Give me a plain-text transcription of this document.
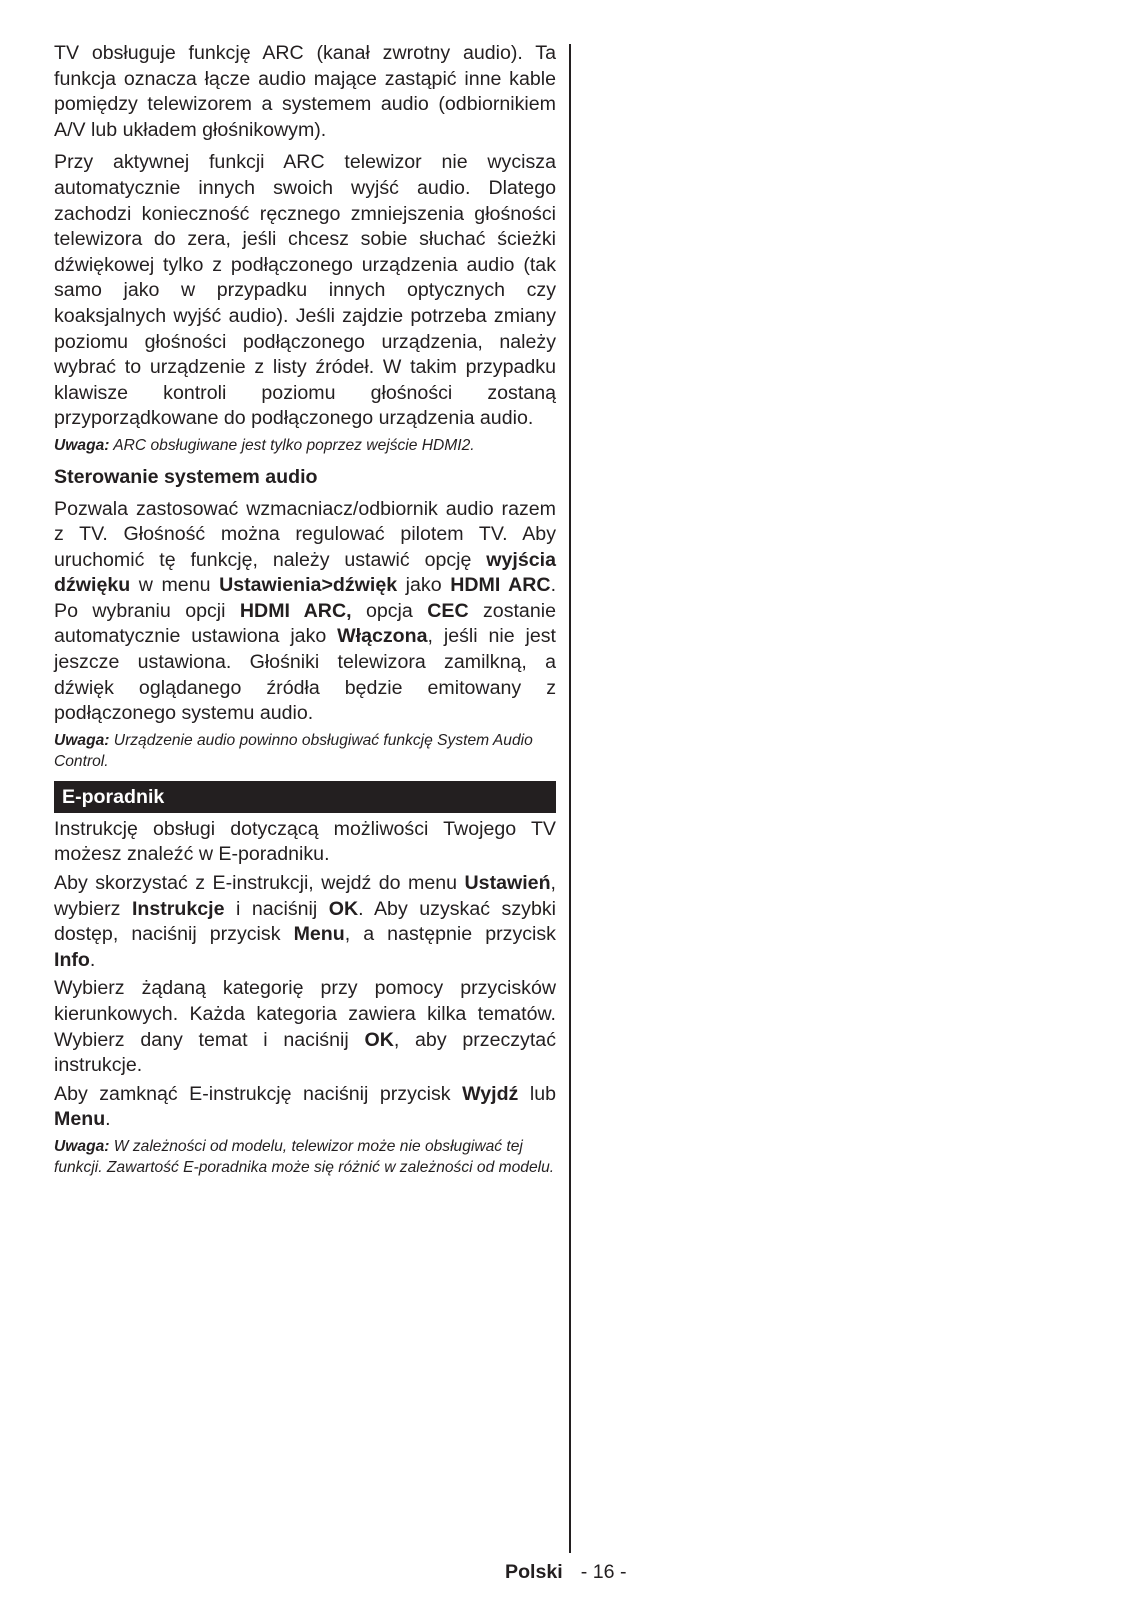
TV obsługuje funkcję ARC (kanał zwrotny audio). Ta funkcja oznacza łącze audio mające zastąpić inne kable pomiędzy telewizorem a systemem audio (odbiornikiem A/V lub układem głośnikowym).

Przy aktywnej funkcji ARC telewizor nie wycisza automatycznie innych swoich wyjść audio. Dlatego zachodzi konieczność ręcznego zmniejszenia głośności telewizora do zera, jeśli chcesz sobie słuchać ścieżki dźwiękowej tylko z podłączonego urządzenia audio (tak samo jako w przypadku innych optycznych czy koaksjalnych wyjść audio). Jeśli zajdzie potrzeba zmiany poziomu głośności podłączonego urządzenia, należy wybrać to urządzenie z listy źródeł. W takim przypadku klawisze kontroli poziomu głośności zostaną przyporządkowane do podłączonego urządzenia audio.

Uwaga: ARC obsługiwane jest tylko poprzez wejście HDMI2.

Sterowanie systemem audio

Pozwala zastosować wzmacniacz/odbiornik audio razem z TV. Głośność można regulować pilotem TV. Aby uruchomić tę funkcję, należy ustawić opcję wyjścia dźwięku w menu Ustawienia>dźwięk jako HDMI ARC. Po wybraniu opcji HDMI ARC, opcja CEC zostanie automatycznie ustawiona jako Włączona, jeśli nie jest jeszcze ustawiona. Głośniki telewizora zamilkną, a dźwięk oglądanego źródła będzie emitowany z podłączonego systemu audio.

Uwaga: Urządzenie audio powinno obsługiwać funkcję System Audio Control.

E-poradnik

Instrukcję obsługi dotyczącą możliwości Twojego TV możesz znaleźć w E-poradniku.

Aby skorzystać z E-instrukcji, wejdź do menu Ustawień, wybierz Instrukcje i naciśnij OK. Aby uzyskać szybki dostęp, naciśnij przycisk Menu, a następnie przycisk Info.

Wybierz żądaną kategorię przy pomocy przycisków kierunkowych. Każda kategoria zawiera kilka tematów. Wybierz dany temat i naciśnij OK, aby przeczytać instrukcje.

Aby zamknąć E-instrukcję naciśnij przycisk Wyjdź lub Menu.

Uwaga: W zależności od modelu, telewizor może nie obsługiwać tej funkcji. Zawartość E-poradnika może się różnić w zależności od modelu.

Polski - 16 -
